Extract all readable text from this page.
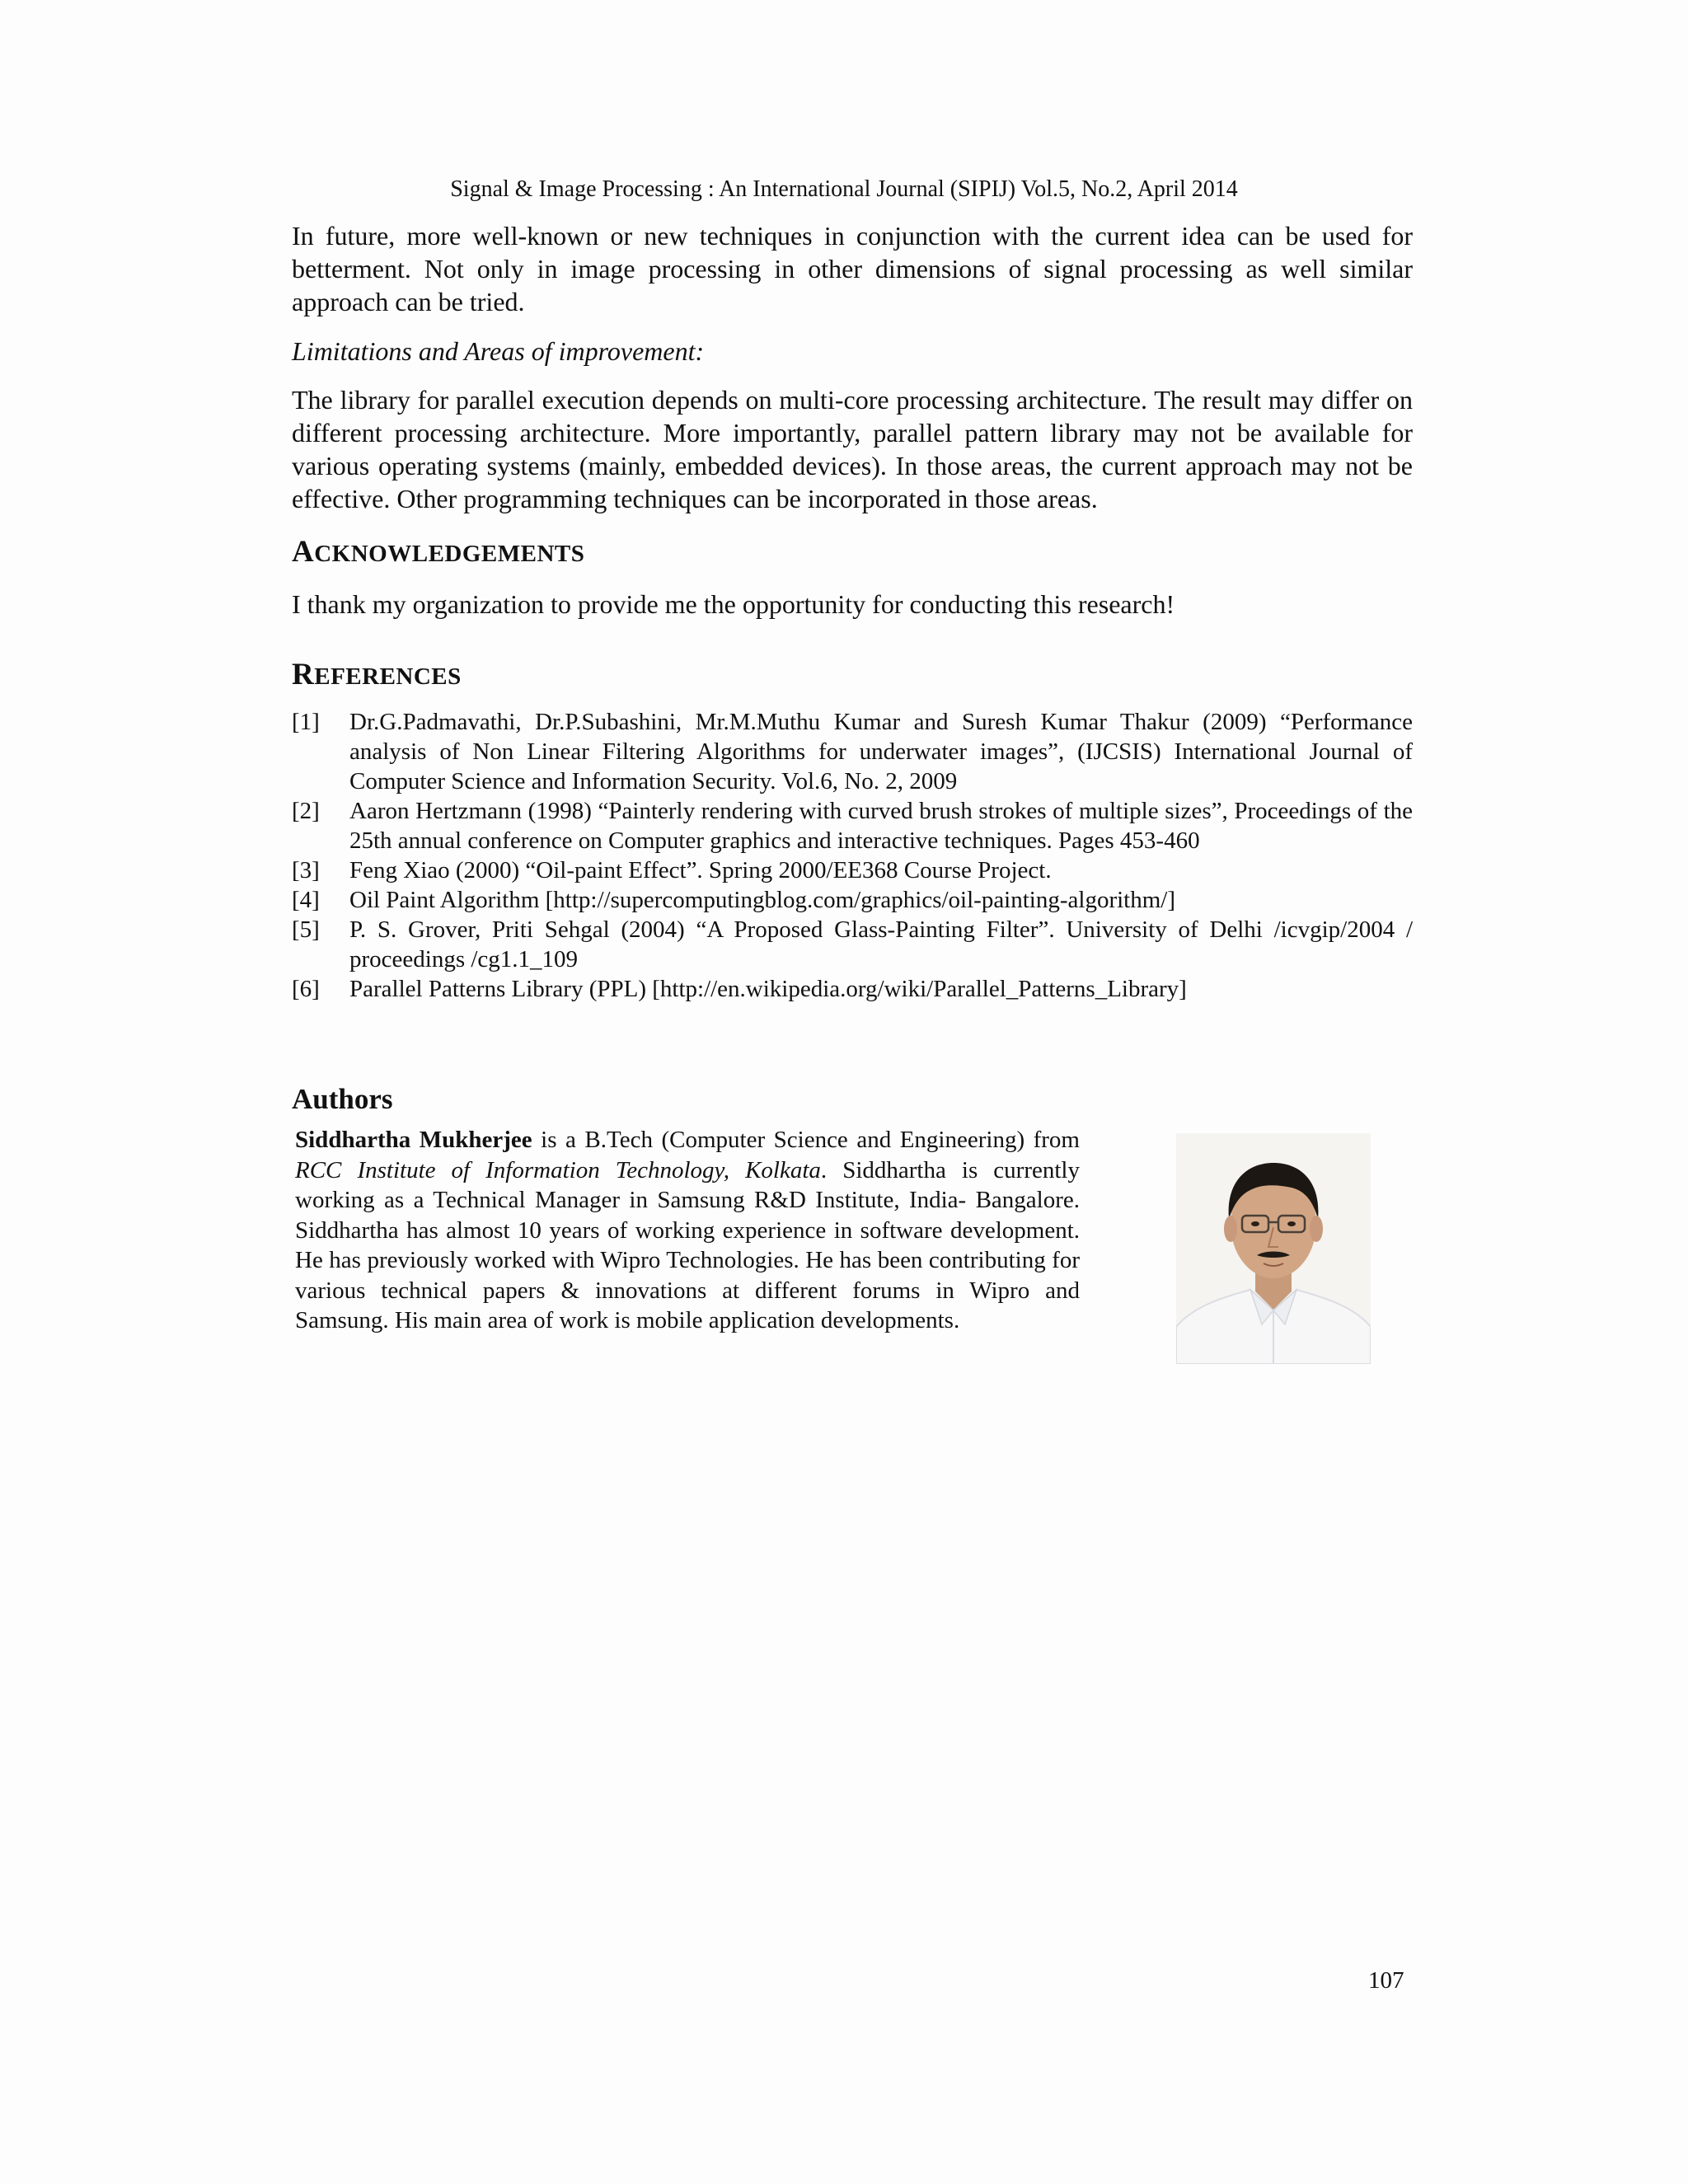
Signal & Image Processing : An International Journal (SIPIJ) Vol.5, No.2, April 2014

In future, more well-known or new techniques in conjunction with the current idea can be used for betterment. Not only in image processing in other dimensions of signal processing as well similar approach can be tried.

Limitations and Areas of improvement:

The library for parallel execution depends on multi-core processing architecture. The result may differ on different processing architecture. More importantly, parallel pattern library may not be available for various operating systems (mainly, embedded devices). In those areas, the current approach may not be effective. Other programming techniques can be incorporated in those areas.

ACKNOWLEDGEMENTS

I thank my organization to provide me the opportunity for conducting this research!

REFERENCES
[1] Dr.G.Padmavathi, Dr.P.Subashini, Mr.M.Muthu Kumar and Suresh Kumar Thakur (2009) “Performance analysis of Non Linear Filtering Algorithms for underwater images”, (IJCSIS) International Journal of Computer Science and Information Security. Vol.6, No. 2, 2009
[2] Aaron Hertzmann (1998) “Painterly rendering with curved brush strokes of multiple sizes”, Proceedings of the 25th annual conference on Computer graphics and interactive techniques. Pages 453-460
[3] Feng Xiao (2000) “Oil-paint Effect”. Spring 2000/EE368 Course Project.
[4] Oil Paint Algorithm [http://supercomputingblog.com/graphics/oil-painting-algorithm/]
[5] P. S. Grover, Priti Sehgal (2004) “A Proposed Glass-Painting Filter”. University of Delhi /icvgip/2004 / proceedings /cg1.1_109
[6] Parallel Patterns Library (PPL) [http://en.wikipedia.org/wiki/Parallel_Patterns_Library]
Authors

Siddhartha Mukherjee is a B.Tech (Computer Science and Engineering) from RCC Institute of Information Technology, Kolkata. Siddhartha is currently working as a Technical Manager in Samsung R&D Institute, India- Bangalore. Siddhartha has almost 10 years of working experience in software development. He has previously worked with Wipro Technologies. He has been contributing for various technical papers & innovations at different forums in Wipro and Samsung. His main area of work is mobile application developments.

107
